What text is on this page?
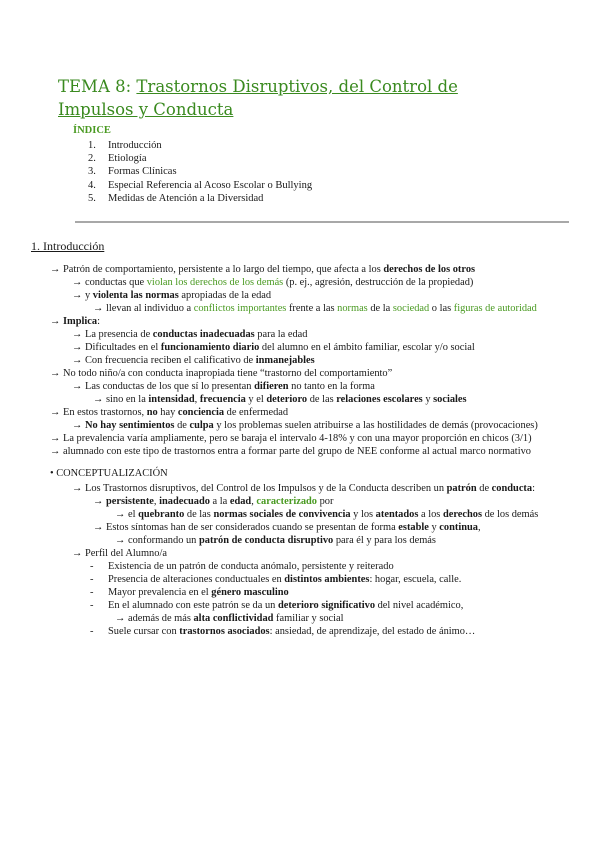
TEMA 8: Trastornos Disruptivos, del Control de Impulsos y Conducta
ÍNDICE
1. Introducción
2. Etiología
3. Formas Clínicas
4. Especial Referencia al Acoso Escolar o Bullying
5. Medidas de Atención a la Diversidad
1. Introducción
→ Patrón de comportamiento, persistente a lo largo del tiempo, que afecta a los derechos de los otros
→ conductas que violan los derechos de los demás (p. ej., agresión, destrucción de la propiedad)
→ y violenta las normas apropiadas de la edad
→ llevan al individuo a conflictos importantes frente a las normas de la sociedad o las figuras de autoridad
→ Implica:
→ La presencia de conductas inadecuadas para la edad
→ Dificultades en el funcionamiento diario del alumno en el ámbito familiar, escolar y/o social
→ Con frecuencia reciben el calificativo de inmanejables
→ No todo niño/a con conducta inapropiada tiene “trastorno del comportamiento”
→ Las conductas de los que sí lo presentan difieren no tanto en la forma
→ sino en la intensidad, frecuencia y el deterioro de las relaciones escolares y sociales
→ En estos trastornos, no hay conciencia de enfermedad
→ No hay sentimientos de culpa y los problemas suelen atribuirse a las hostilidades de demás (provocaciones)
→ La prevalencia varía ampliamente, pero se baraja el intervalo 4-18% y con una mayor proporción en chicos (3/1)
→ alumnado con este tipo de trastornos entra a formar parte del grupo de NEE conforme al actual marco normativo
• CONCEPTUALIZACIÓN
→ Los Trastornos disruptivos, del Control de los Impulsos y de la Conducta describen un patrón de conducta:
→ persistente, inadecuado a la edad, caracterizado por
→ el quebranto de las normas sociales de convivencia y los atentados a los derechos de los demás
→ Estos síntomas han de ser considerados cuando se presentan de forma estable y continua,
→ conformando un patrón de conducta disruptivo para él y para los demás
→ Perfil del Alumno/a
- Existencia de un patrón de conducta anómalo, persistente y reiterado
- Presencia de alteraciones conductuales en distintos ambientes: hogar, escuela, calle.
- Mayor prevalencia en el género masculino
- En el alumnado con este patrón se da un deterioro significativo del nivel académico,
→ además de más alta conflictividad familiar y social
- Suele cursar con trastornos asociados: ansiedad, de aprendizaje, del estado de ánimo…
